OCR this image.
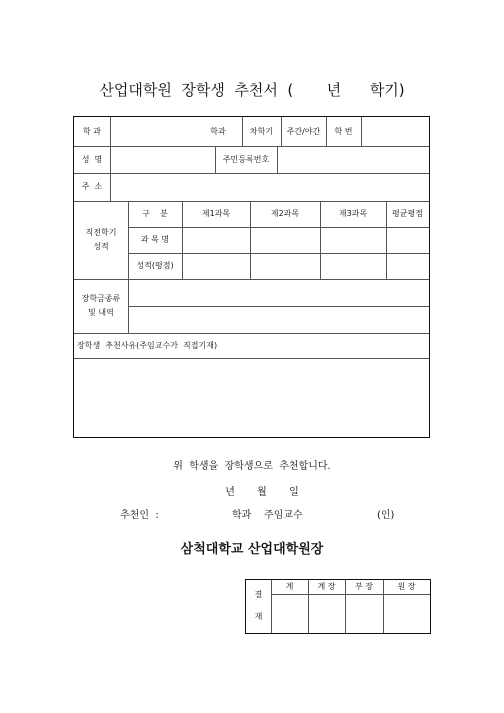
산업대학원  장학생  추천서  (       년      학기)
학 과	학과	차학기	주간/야간	학 번
성  명	주민등록번호
주  소
직전학기
성적
구    분	제1과목	제2과목	제3과목	평균평점
과 목 명
성적(평점)
장학금종류
및 내역
장학생  추천사유(주임교수가  직접기재)
위  학생을  장학생으로  추천합니다.
년       월       일
추천인  :	학과    주임교수	(인)
삼척대학교 산업대학원장
결
재
계	계 장	부 장	원 장
